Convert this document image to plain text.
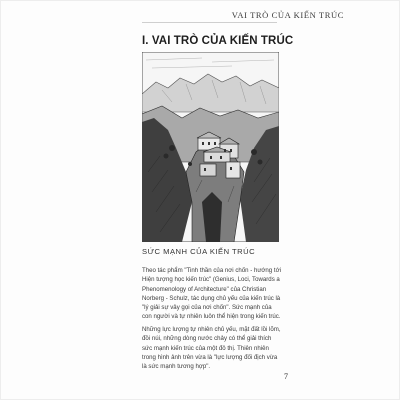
VAI TRÒ CỦA KIẾN TRÚC
I. VAI TRÒ CỦA KIẾN TRÚC
SỨC MẠNH CỦA KIẾN TRÚC
Theo tác phẩm "Tinh thần của nơi chốn - hướng tới Hiện tượng học kiến trúc" (Genius, Loci, Towards a Phenomenology of Architecture" của Christian Norberg - Schulz, tác dụng chủ yếu của kiến trúc là "lý giải sự vây gọi của nơi chốn". Sức mạnh của con người và tự nhiên luôn thể hiện trong kiến trúc.
Những lực lượng tự nhiên chủ yếu, mặt đất lồi lõm, đồi núi, những dòng nước chảy có thể giải thích sức mạnh kiến trúc của một đô thị. Thiên nhiên trong hình ảnh trên vừa là "lực lượng đối địch vừa là sức mạnh tương hợp".
7
